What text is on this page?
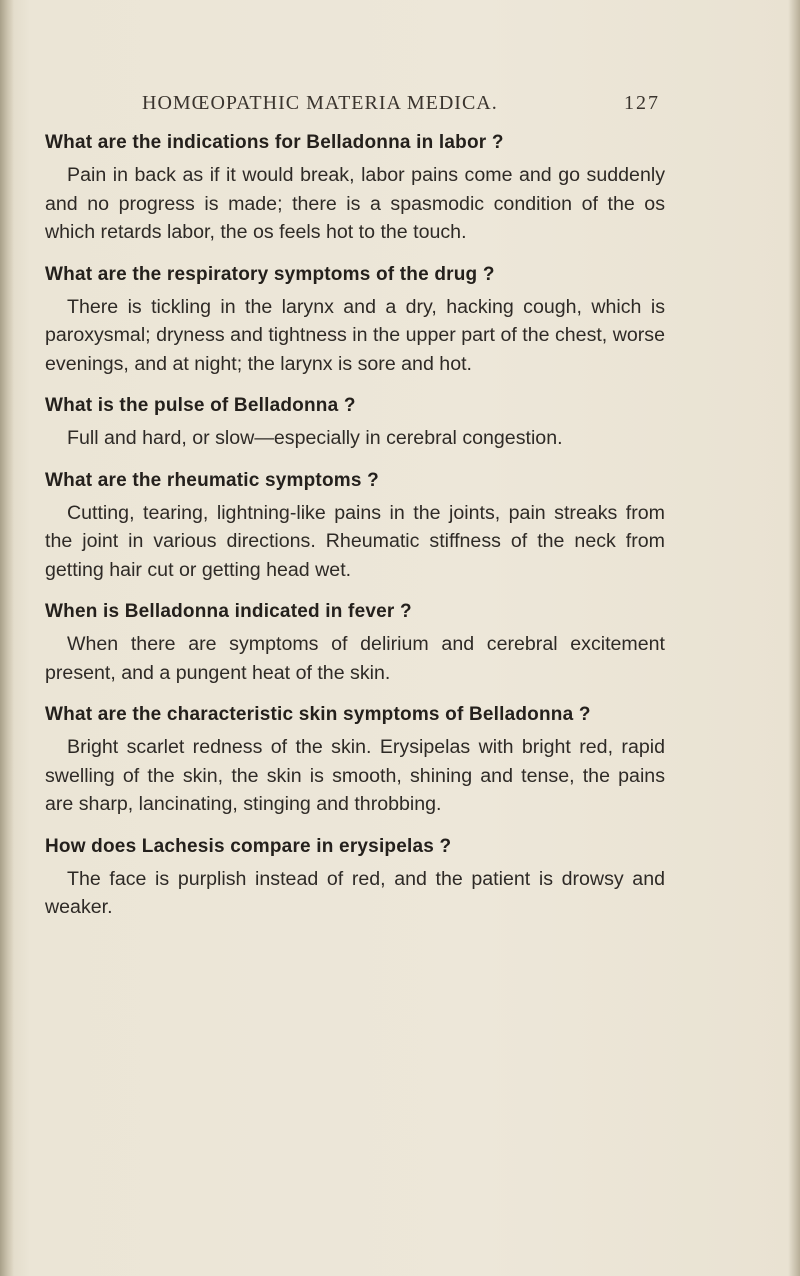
HOMŒOPATHIC MATERIA MEDICA.	127

What are the indications for Belladonna in labor ?

Pain in back as if it would break, labor pains come and go suddenly and no progress is made; there is a spasmodic condition of the os which retards labor, the os feels hot to the touch.

What are the respiratory symptoms of the drug ?

There is tickling in the larynx and a dry, hacking cough, which is paroxysmal; dryness and tightness in the upper part of the chest, worse evenings, and at night; the larynx is sore and hot.

What is the pulse of Belladonna ?

Full and hard, or slow—especially in cerebral congestion.

What are the rheumatic symptoms ?

Cutting, tearing, lightning-like pains in the joints, pain streaks from the joint in various directions. Rheumatic stiffness of the neck from getting hair cut or getting head wet.

When is Belladonna indicated in fever ?

When there are symptoms of delirium and cerebral excitement present, and a pungent heat of the skin.

What are the characteristic skin symptoms of Belladonna ?

Bright scarlet redness of the skin. Erysipelas with bright red, rapid swelling of the skin, the skin is smooth, shining and tense, the pains are sharp, lancinating, stinging and throbbing.

How does Lachesis compare in erysipelas ?

The face is purplish instead of red, and the patient is drowsy and weaker.
